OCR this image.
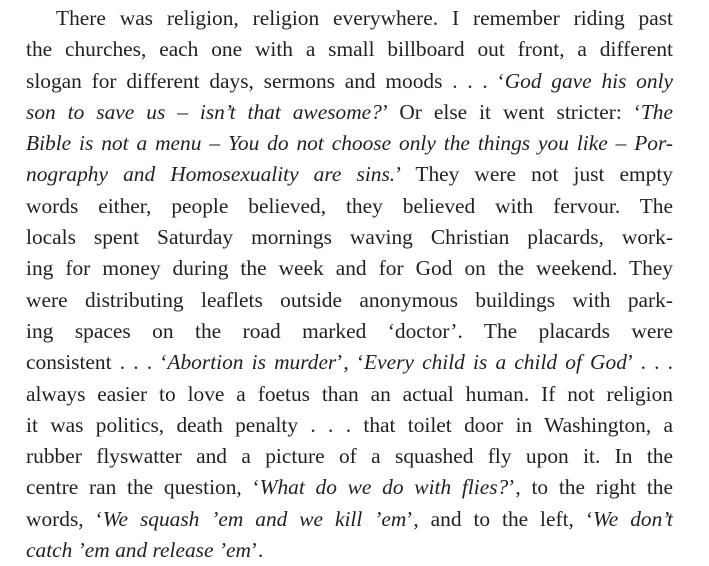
There was religion, religion everywhere. I remember riding past
the churches, each one with a small billboard out front, a different
slogan for different days, sermons and moods . . . ‘God gave his only
son to save us – isn’t that awesome?’ Or else it went stricter: ‘The
Bible is not a menu – You do not choose only the things you like – Por-
nography and Homosexuality are sins.’ They were not just empty
words either, people believed, they believed with fervour. The
locals spent Saturday mornings waving Christian placards, work-
ing for money during the week and for God on the weekend. They
were distributing leaflets outside anonymous buildings with park-
ing spaces on the road marked ‘doctor’. The placards were
consistent . . . ‘Abortion is murder’, ‘Every child is a child of God’ . . .
always easier to love a foetus than an actual human. If not religion
it was politics, death penalty . . . that toilet door in Washington, a
rubber flyswatter and a picture of a squashed fly upon it. In the
centre ran the question, ‘What do we do with flies?’, to the right the
words, ‘We squash ’em and we kill ’em’, and to the left, ‘We don’t
catch ’em and release ’em’.
